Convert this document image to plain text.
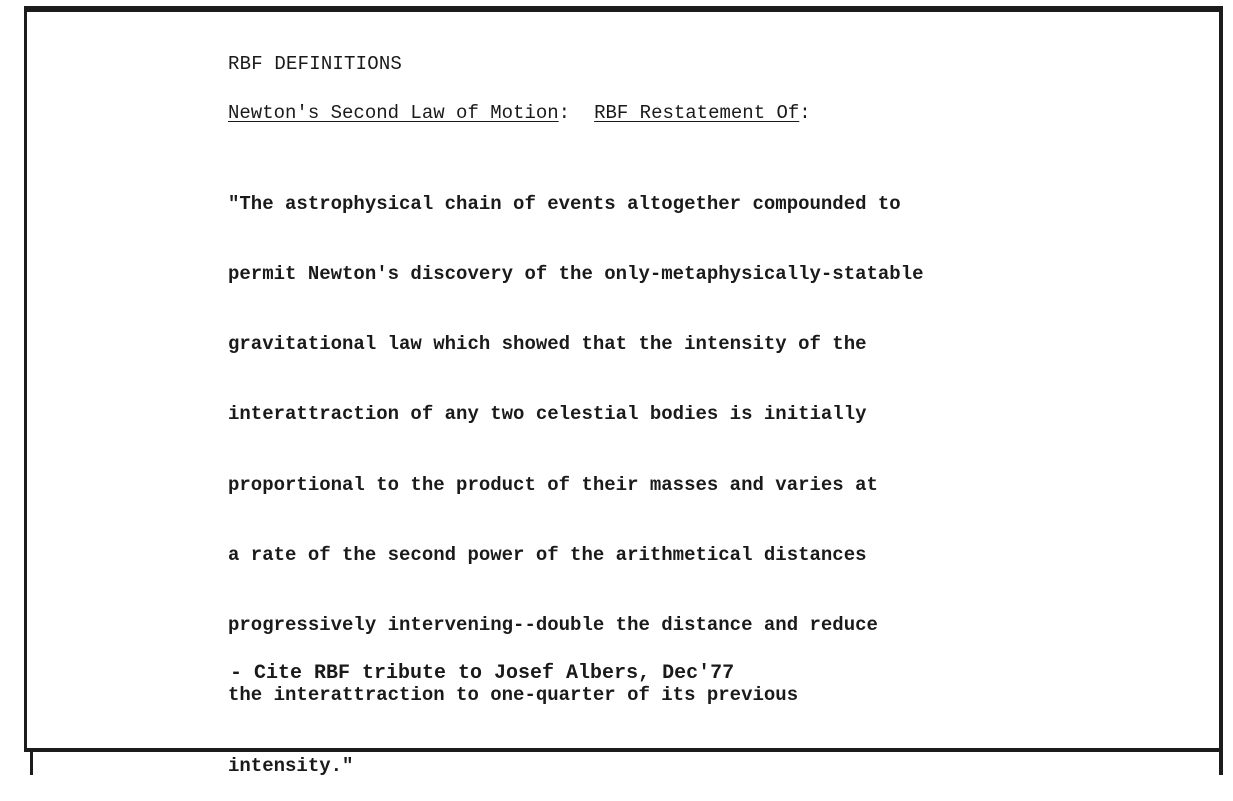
RBF DEFINITIONS
Newton's Second Law of Motion: RBF Restatement Of:

"The astrophysical chain of events altogether compounded to

permit Newton's discovery of the only-metaphysically-statable

gravitational law which showed that the intensity of the

interattraction of any two celestial bodies is initially

proportional to the product of their masses and varies at

a rate of the second power of the arithmetical distances

progressively intervening--double the distance and reduce

the interattraction to one-quarter of its previous

intensity."

- Cite RBF tribute to Josef Albers, Dec'77
